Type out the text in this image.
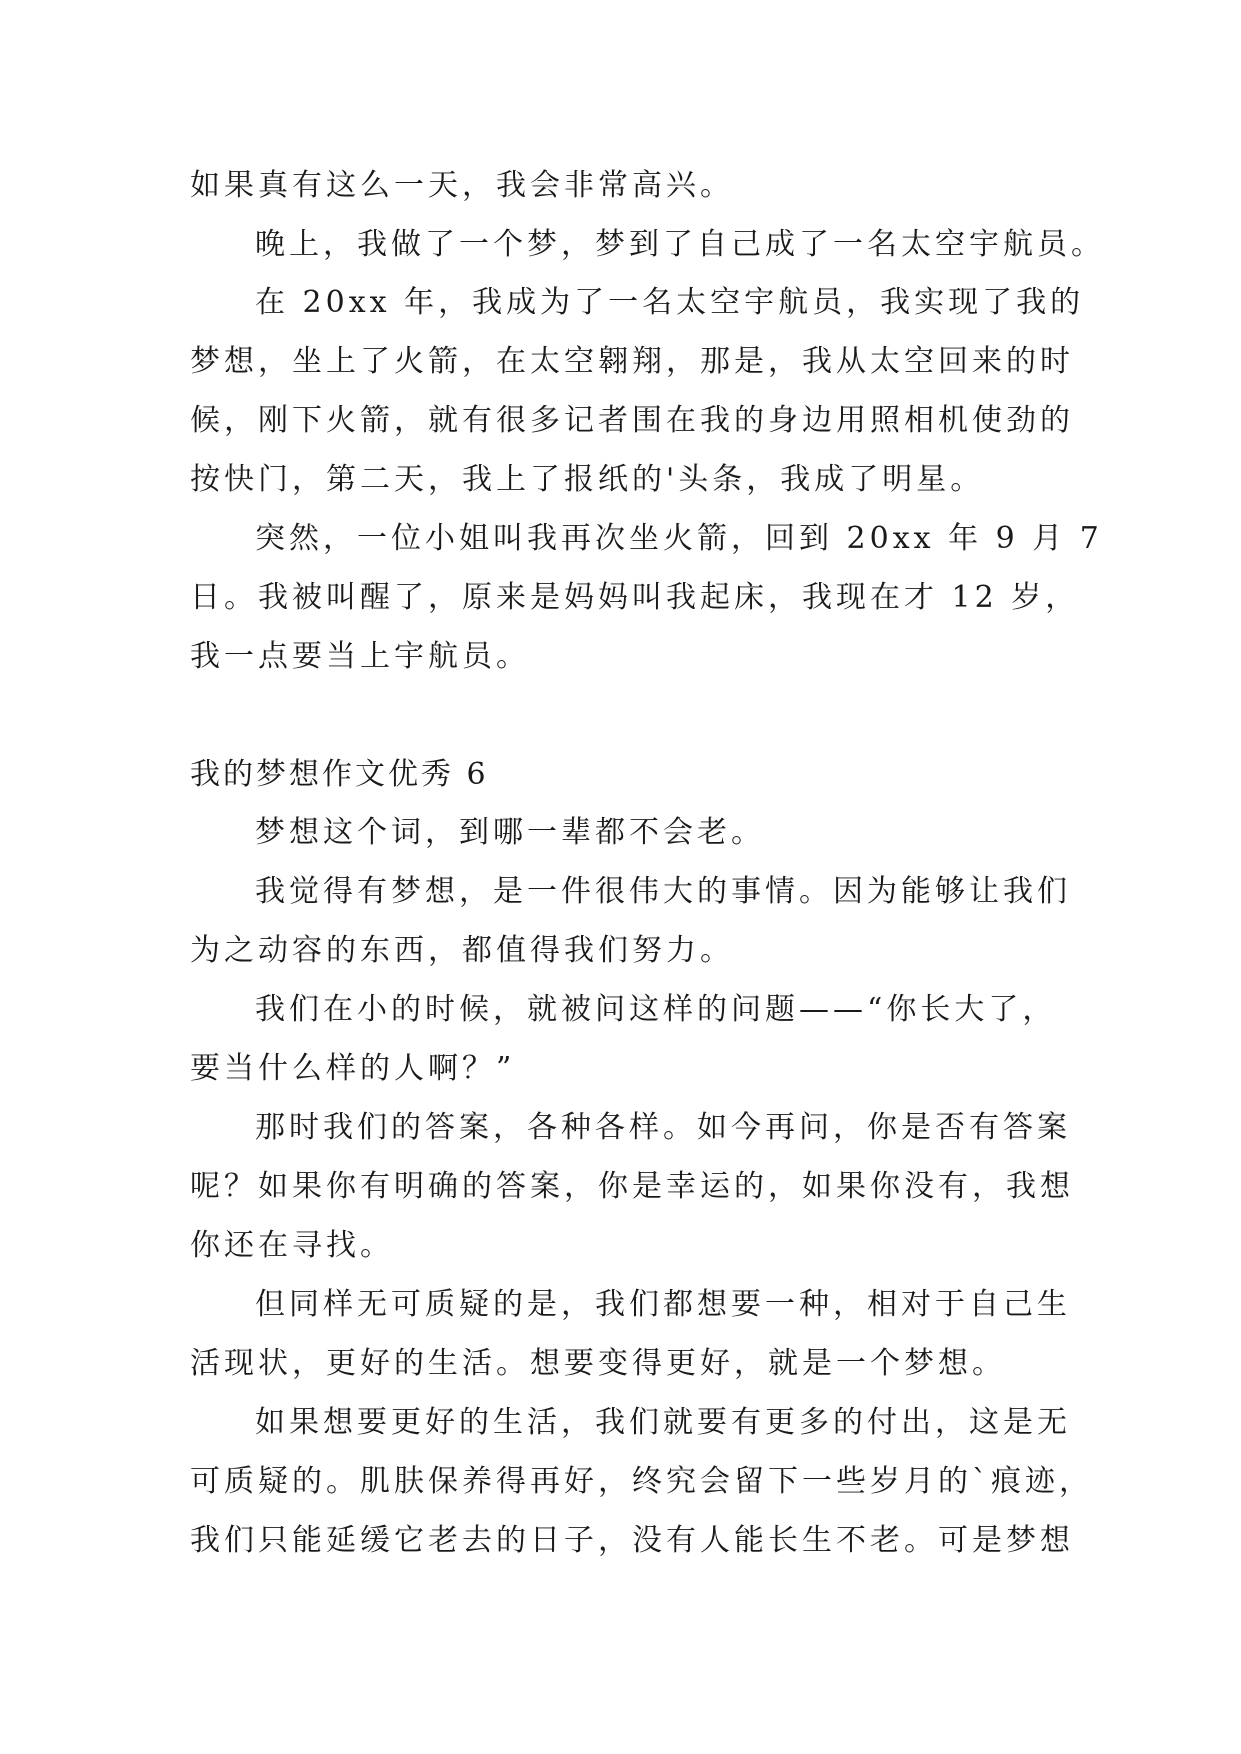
如果真有这么一天，我会非常高兴。
晚上，我做了一个梦，梦到了自己成了一名太空宇航员。
在 20xx 年，我成为了一名太空宇航员，我实现了我的
梦想，坐上了火箭，在太空翱翔，那是，我从太空回来的时
候，刚下火箭，就有很多记者围在我的身边用照相机使劲的
按快门，第二天，我上了报纸的'头条，我成了明星。
突然，一位小姐叫我再次坐火箭，回到 20xx 年 9 月 7
日。我被叫醒了，原来是妈妈叫我起床，我现在才 12 岁，
我一点要当上宇航员。
我的梦想作文优秀 6
梦想这个词，到哪一辈都不会老。
我觉得有梦想，是一件很伟大的事情。因为能够让我们
为之动容的东西，都值得我们努力。
我们在小的时候，就被问这样的问题——“你长大了，
要当什么样的人啊？”
那时我们的答案，各种各样。如今再问，你是否有答案
呢？如果你有明确的答案，你是幸运的，如果你没有，我想
你还在寻找。
但同样无可质疑的是，我们都想要一种，相对于自己生
活现状，更好的生活。想要变得更好，就是一个梦想。
如果想要更好的生活，我们就要有更多的付出，这是无
可质疑的。肌肤保养得再好，终究会留下一些岁月的`痕迹，
我们只能延缓它老去的日子，没有人能长生不老。可是梦想
